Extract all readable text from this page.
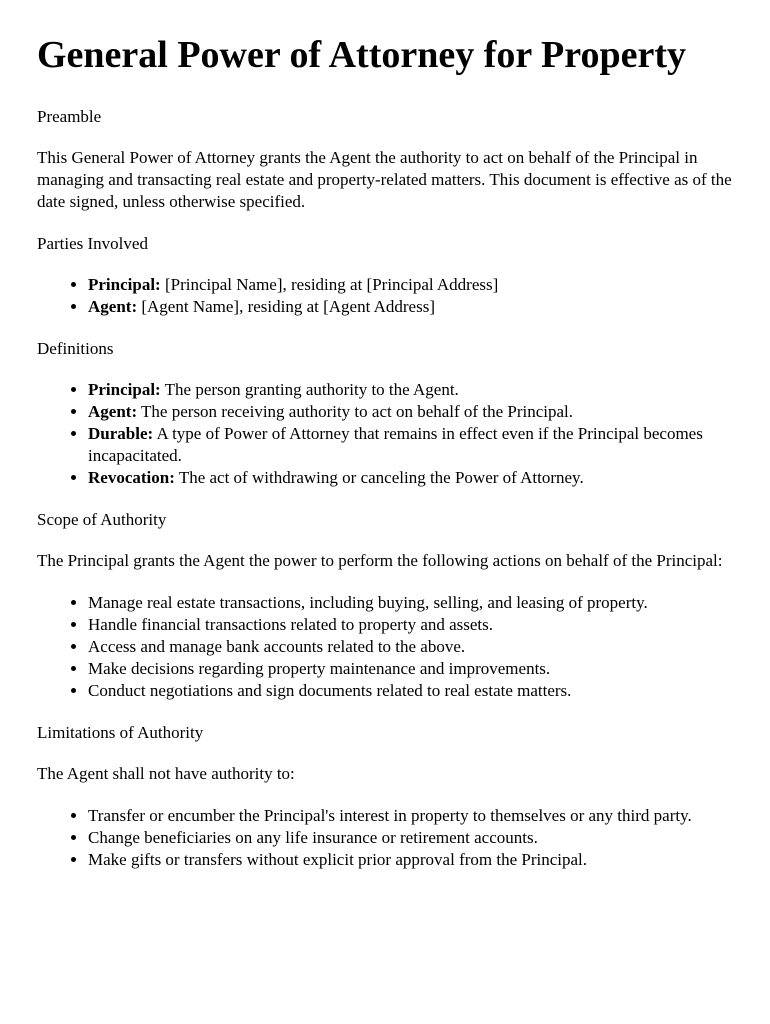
General Power of Attorney for Property
Preamble

This General Power of Attorney grants the Agent the authority to act on behalf of the Principal in managing and transacting real estate and property-related matters. This document is effective as of the date signed, unless otherwise specified.

Parties Involved
• Principal: [Principal Name], residing at [Principal Address]
• Agent: [Agent Name], residing at [Agent Address]
Definitions
• Principal: The person granting authority to the Agent.
• Agent: The person receiving authority to act on behalf of the Principal.
• Durable: A type of Power of Attorney that remains in effect even if the Principal becomes incapacitated.
• Revocation: The act of withdrawing or canceling the Power of Attorney.
Scope of Authority

The Principal grants the Agent the power to perform the following actions on behalf of the Principal:

• Manage real estate transactions, including buying, selling, and leasing of property.
• Handle financial transactions related to property and assets.
• Access and manage bank accounts related to the above.
• Make decisions regarding property maintenance and improvements.
• Conduct negotiations and sign documents related to real estate matters.
Limitations of Authority

The Agent shall not have authority to:

• Transfer or encumber the Principal's interest in property to themselves or any third party.
• Change beneficiaries on any life insurance or retirement accounts.
• Make gifts or transfers without explicit prior approval from the Principal.
